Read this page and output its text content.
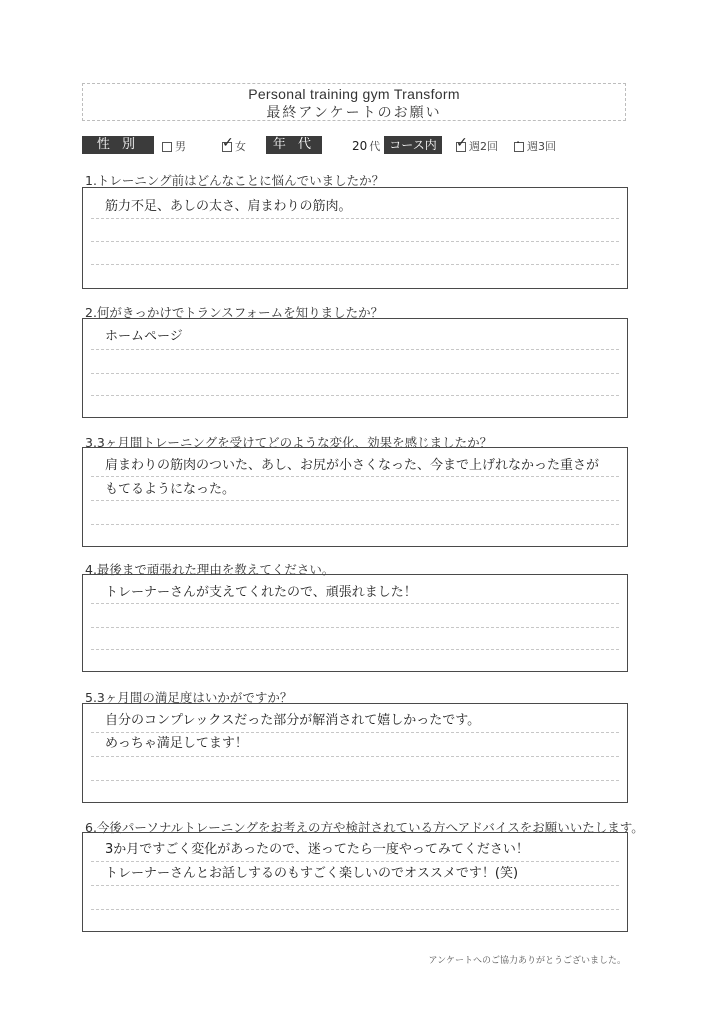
Personal training gym Transform
最終アンケートのお願い
性 別	男 ✓	女	年 代	20 代 コース内容
✓週2回 ·	週3回
1.トレーニング前はどんなことに悩んでいましたか？
筋力不足、あしの太さ、肩まわりの筋肉。
2.何がきっかけでトランスフォームを知りましたか？
ホームページ
3.3ヶ月間トレーニングを受けてどのような変化、効果を感じましたか？
肩まわりの筋肉のついた、あし、お尻が小さくなった、今まで上げれなかった重さが
もてるようになった。
4.最後まで頑張れた理由を教えてください。
トレーナーさんが支えてくれたので、頑張れました！
5.3ヶ月間の満足度はいかがですか？
自分のコンプレックスだった部分が解消されて嬉しかったです。
めっちゃ満足してます！
6.今後パーソナルトレーニングをお考えの方や検討されている方へアドバイスをお願いいたします。
3か月ですごく変化があったので、迷ってたら一度やってみてください！
トレーナーさんとお話しするのもすごく楽しいのでオススメです！(笑)
アンケートへのご協力ありがとうございました。
